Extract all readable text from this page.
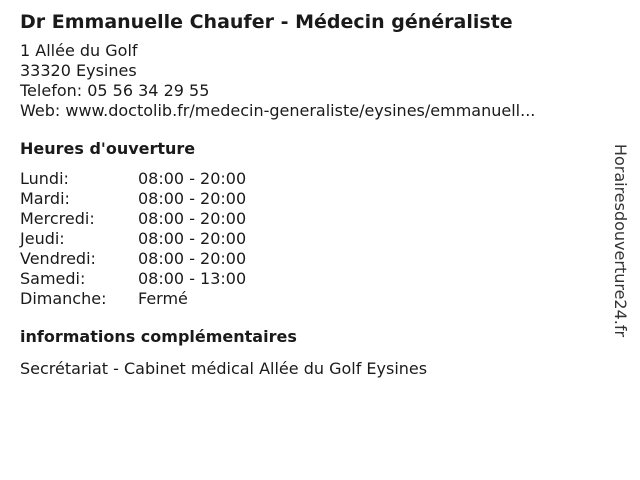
Dr Emmanuelle Chaufer - Médecin généraliste
1 Allée du Golf
33320 Eysines
Telefon: 05 56 34 29 55
Web: www.doctolib.fr/medecin-generaliste/eysines/emmanuell...
Heures d'ouverture
Lundi:	08:00 - 20:00
Mardi:	08:00 - 20:00
Mercredi:	08:00 - 20:00
Jeudi:	08:00 - 20:00
Vendredi:	08:00 - 20:00
Samedi:	08:00 - 13:00
Dimanche:	Fermé
informations complémentaires
Secrétariat - Cabinet médical Allée du Golf Eysines
Horairesdouverture24.fr
